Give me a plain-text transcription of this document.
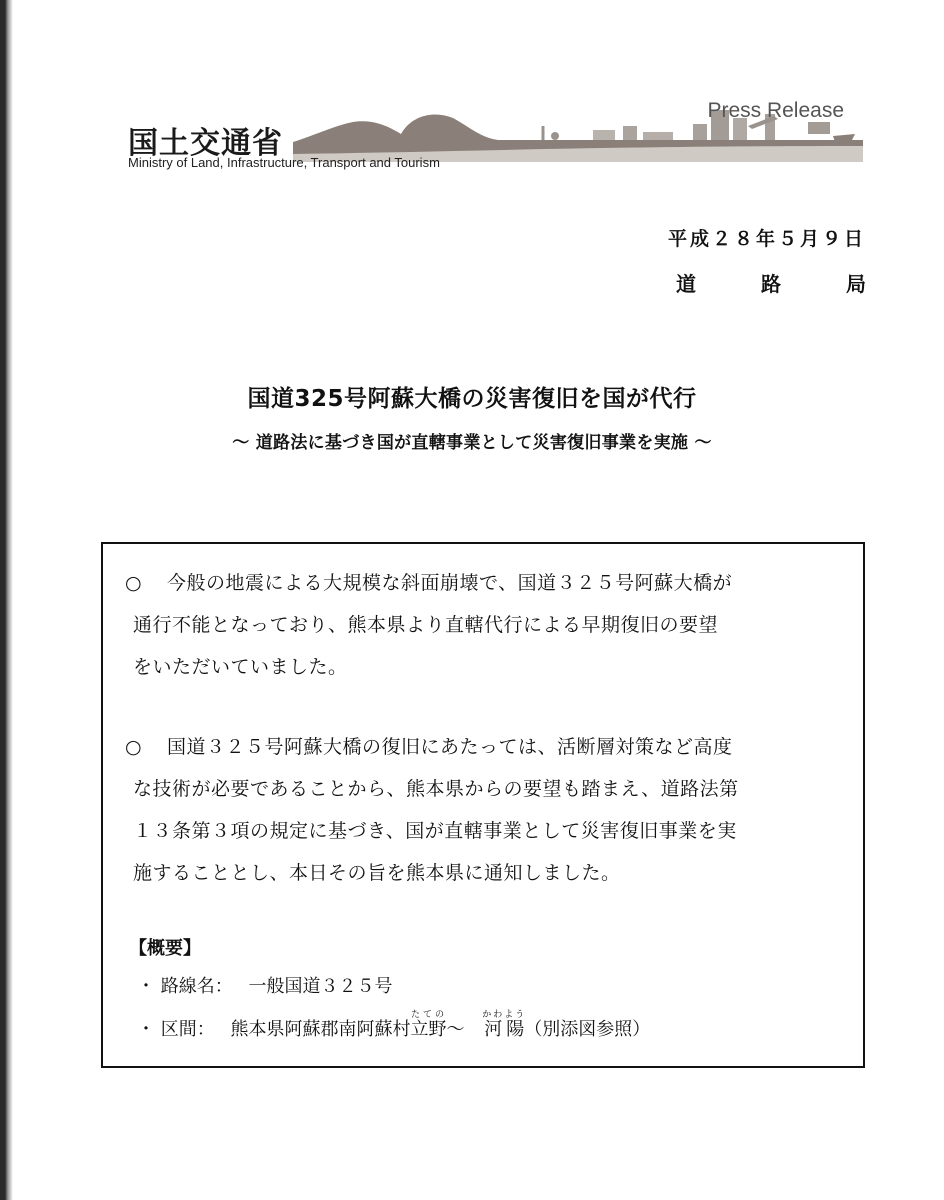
国土交通省
Ministry of Land, Infrastructure, Transport and Tourism
Press Release
平成２８年５月９日
道	路	局
国道325号阿蘇大橋の災害復旧を国が代行
～ 道路法に基づき国が直轄事業として災害復旧事業を実施 ～
○ 今般の地震による大規模な斜面崩壊で、国道３２５号阿蘇大橋が
通行不能となっており、熊本県より直轄代行による早期復旧の要望
をいただいていました。
○ 国道３２５号阿蘇大橋の復旧にあたっては、活断層対策など高度
な技術が必要であることから、熊本県からの要望も踏まえ、道路法第
１３条第３項の規定に基づき、国が直轄事業として災害復旧事業を実
施することとし、本日その旨を熊本県に通知しました。
【概要】
・ 路線名： 一般国道３２５号
・ 区間： 熊本県阿蘇郡南阿蘇村立野たての～ 河陽かわよう（別添図参照）
